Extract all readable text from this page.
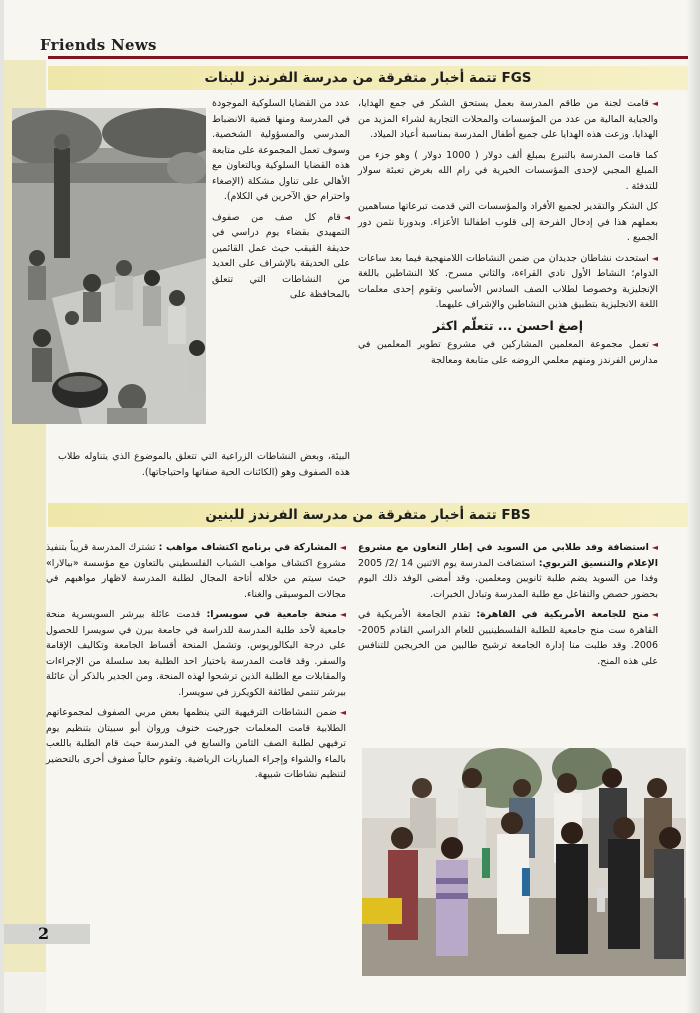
Friends News
تتمة أخبار متفرقة من مدرسة الفرندز للبنات FGS

◄قامت لجنة من طاقم المدرسة بعمل يستحق الشكر في جمع الهدايا، والجباية المالية من عدد من المؤسسات والمحلات التجارية لشراء المزيد من الهدايا. وزعت هذه الهدايا على جميع أطفال المدرسة بمناسبة أعياد الميلاد.

كما قامت المدرسة بالتبرع بمبلغ ألف دولار ( 1000 دولار ) وهو جزء من المبلغ المجبي لإحدى المؤسسات الخيرية في رام الله بغرض تعبئة سولار للتدفئة .

كل الشكر والتقدير لجميع الأفراد والمؤسسات التي قدمت تبرعاتها مساهمين بعملهم هذا في إدخال الفرحة إلى قلوب اطفالنا الأعزاء. وبدورنا نثمن دور الجميع .

◄استحدث نشاطان جديدان من ضمن النشاطات اللامنهجية فيما بعد ساعات الدوام؛ النشاط الأول نادي القراءة، والثاني مسرح. كلا النشاطين باللغة الإنجليزية وخصوصا لطلاب الصف السادس الأساسي وتقوم إحدى معلمات اللغة الانجليزية بتطبيق هذين النشاطين والإشراف عليهما.

إصغ احسن ... تتعلّم اكثر

◄تعمل مجموعة المعلمين المشاركين في مشروع تطوير المعلمين في مدارس الفرندز ومنهم معلمي الروضه على متابعة ومعالجة

عدد من القضايا السلوكية الموجودة في المدرسة ومنها قضية الانضباط المدرسي والمسؤولية الشخصية. وسوف تعمل المجموعة على متابعة هذه القضايا السلوكية وبالتعاون مع الأهالي على تناول مشكلة (الإصغاء واحترام حق الآخرين في الكلام).

◄قام كل صف من صفوف التمهيدي بقضاء يوم دراسي في حديقة القيقب حيث عمل القائمين على الحديقة بالإشراف على العديد من النشاطات التي تتعلق بالمحافظة على

البيئة، وبعض النشاطات الزراعية التي تتعلق بالموضوع الذي يتناوله طلاب هذه الصفوف وهو (الكائنات الحية صفاتها واحتياجاتها).

تتمة أخبار متفرقة من مدرسة الفرندز للبنين FBS

◄استضافة وفد طلابي من السويد في إطار التعاون مع مشروع الإعلام والتنسيق التربوي: استضافت المدرسة يوم الاثنين 14 /2/ 2005 وفدا من السويد يضم طلبة ثانويين ومعلمين. وقد أمضى الوفد ذلك اليوم بحضور حصص والتفاعل مع طلبة المدرسة وتبادل الخبرات.

◄منح للجامعة الأمريكية في القاهرة: تقدم الجامعة الأمريكية في القاهرة ست منح جامعية للطلبة الفلسطينيين للعام الدراسي القادم 2005- 2006. وقد طلبت منا إدارة الجامعة ترشيح طالبين من الخريجين للتنافس على هذه المنح.

◄المشاركة في برنامج اكتشاف مواهب : تشترك المدرسة قريباً بتنفيذ مشروع اكتشاف مواهب الشباب الفلسطيني بالتعاون مع مؤسسة «بيالارا» حيث سيتم من خلاله أتاحة المجال لطلبة المدرسة لاظهار مواهبهم في مجالات الموسيقى والغناء.

◄منحة جامعية في سويسرا: قدمت عائلة بيرشر السويسرية منحة جامعية لأحد طلبة المدرسة للدراسة في جامعة بيرن في سويسرا للحصول على درجة البكالوريوس. وتشمل المنحة أقساط الجامعة وتكاليف الإقامة والسفر. وقد قامت المدرسة باختيار احد الطلبة بعد سلسلة من الإجراءات والمقابلات مع الطلبة الذين ترشحوا لهذه المنحة. ومن الجدير بالذكر أن عائلة بيرشر تنتمي لطائفة الكويكرز في سويسرا.

◄ضمن النشاطات الترفيهية التي ينظمها بعض مربي الصفوف لمجموعاتهم الطلابية قامت المعلمات جورجيت خنوف وروان أبو سبيتان بتنظيم يوم ترفيهي لطلبة الصف الثامن والسابع في المدرسة حيث قام الطلبة باللعب بالماء والشواء وإجراء المباريات الرياضية. وتقوم حالياً صفوف أخرى بالتحضير لتنظيم نشاطات شبيهة.

2
